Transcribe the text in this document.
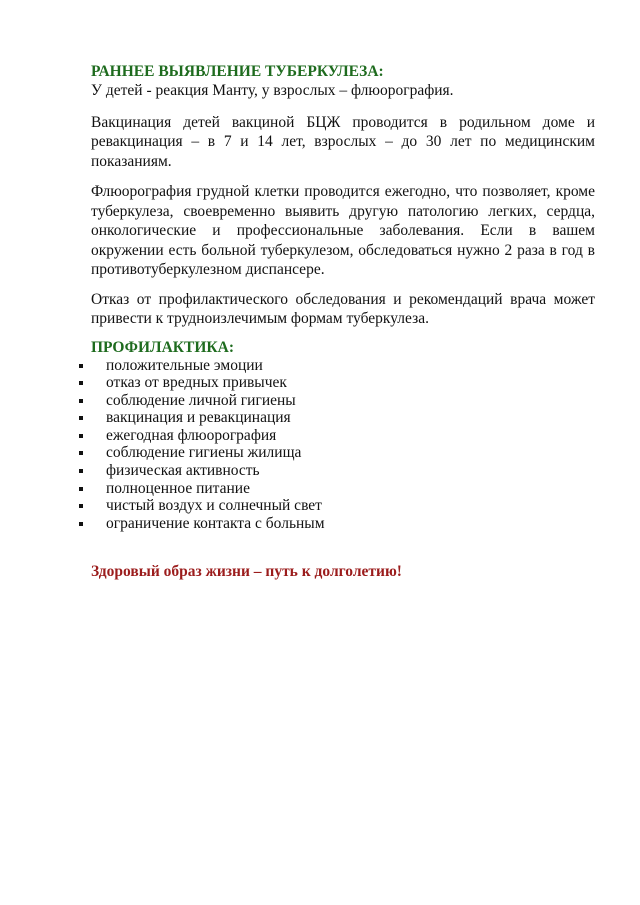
РАННЕЕ ВЫЯВЛЕНИЕ ТУБЕРКУЛЕЗА:

У детей - реакция Манту, у взрослых – флюорография.

Вакцинация детей вакциной БЦЖ проводится в родильном доме и ревакцинация – в 7 и 14 лет, взрослых – до 30 лет по медицинским показаниям.

Флюорография грудной клетки проводится ежегодно, что позволяет, кроме туберкулеза, своевременно выявить другую патологию легких, сердца, онкологические и профессиональные заболевания. Если в вашем окружении есть больной туберкулезом, обследоваться нужно 2 раза в год в противотуберкулезном диспансере.

Отказ от профилактического обследования и рекомендаций врача может привести к трудноизлечимым формам туберкулеза.

ПРОФИЛАКТИКА:
положительные эмоции
отказ от вредных привычек
соблюдение личной гигиены
вакцинация и ревакцинация
ежегодная флюорография
соблюдение гигиены жилища
физическая активность
полноценное питание
чистый воздух и солнечный свет
ограничение контакта с больным

Здоровый образ жизни – путь к долголетию!
